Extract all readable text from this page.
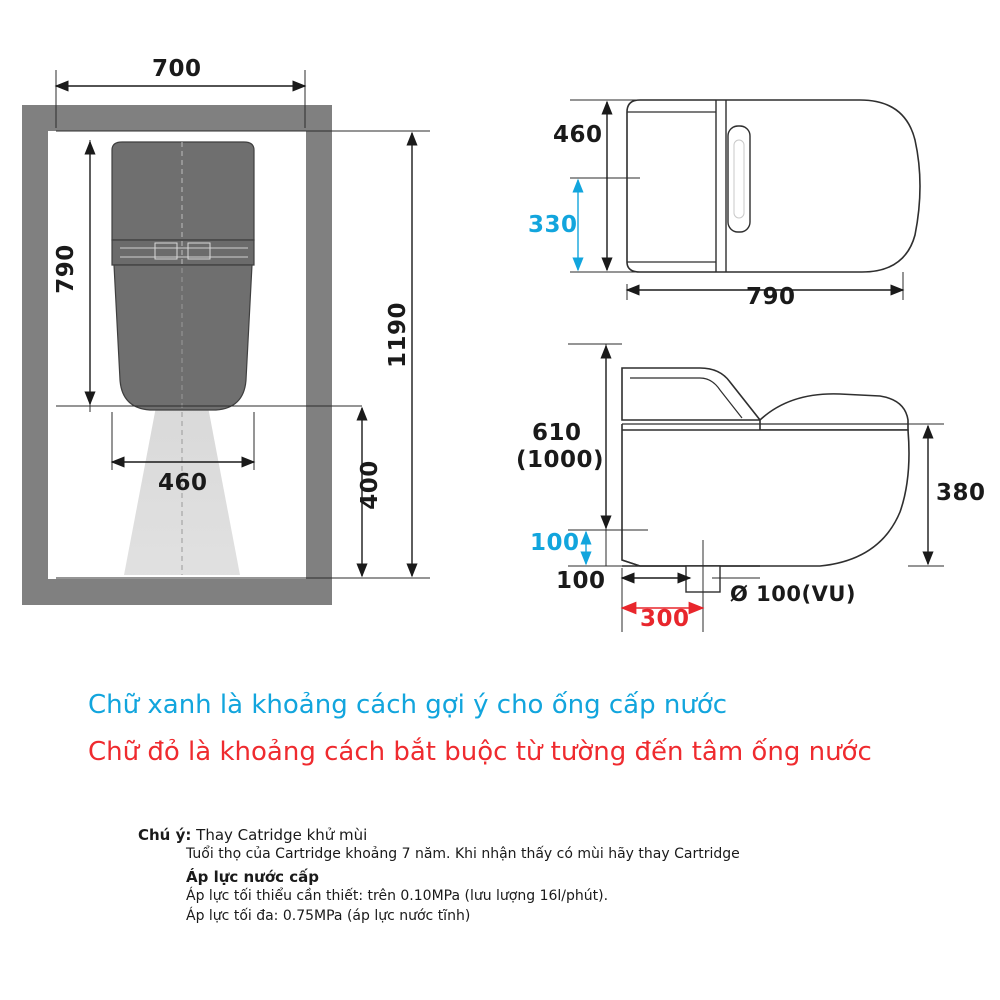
700
790
460
1190
400
460
330
790
610
(1000)
100
100
300
380
Ø 100(VU)
Chữ xanh là khoảng cách gợi ý cho ống cấp nước
Chữ đỏ là khoảng cách bắt buộc từ tường đến tâm ống nước
Chú ý: Thay Catridge khử mùi
Tuổi thọ của Cartridge khoảng 7 năm. Khi nhận thấy có mùi hãy thay Cartridge
Áp lực nước cấp
Áp lực tối thiểu cần thiết: trên 0.10MPa (lưu lượng 16l/phút).
Áp lực tối đa: 0.75MPa (áp lực nước tĩnh)
